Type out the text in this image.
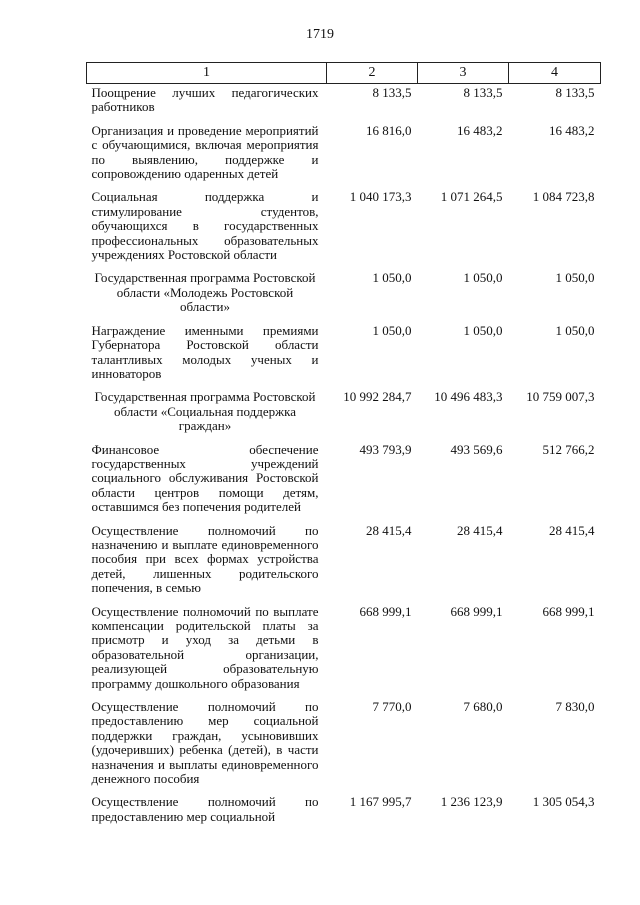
1719
1	2	3	4
Поощрение лучших педагогических работников	8 133,5	8 133,5	8 133,5
Организация и проведение мероприятий с обучающимися, включая мероприятия по выявлению, поддержке и сопровождению одаренных детей	16 816,0	16 483,2	16 483,2
Социальная поддержка и стимулирование студентов, обучающихся в государственных профессиональных образовательных учреждениях Ростовской области	1 040 173,3	1 071 264,5	1 084 723,8
Государственная программа Ростовской области «Молодежь Ростовской области»	1 050,0	1 050,0	1 050,0
Награждение именными премиями Губернатора Ростовской области талантливых молодых ученых и инноваторов	1 050,0	1 050,0	1 050,0
Государственная программа Ростовской области «Социальная поддержка граждан»	10 992 284,7	10 496 483,3	10 759 007,3
Финансовое обеспечение государственных учреждений социального обслуживания Ростовской области центров помощи детям, оставшимся без попечения родителей	493 793,9	493 569,6	512 766,2
Осуществление полномочий по назначению и выплате единовременного пособия при всех формах устройства детей, лишенных родительского попечения, в семью	28 415,4	28 415,4	28 415,4
Осуществление полномочий по выплате компенсации родительской платы за присмотр и уход за детьми в образовательной организации, реализующей образовательную программу дошкольного образования	668 999,1	668 999,1	668 999,1
Осуществление полномочий по предоставлению мер социальной поддержки граждан, усыновивших (удочеривших) ребенка (детей), в части назначения и выплаты единовременного денежного пособия	7 770,0	7 680,0	7 830,0
Осуществление полномочий по предоставлению мер социальной	1 167 995,7	1 236 123,9	1 305 054,3
